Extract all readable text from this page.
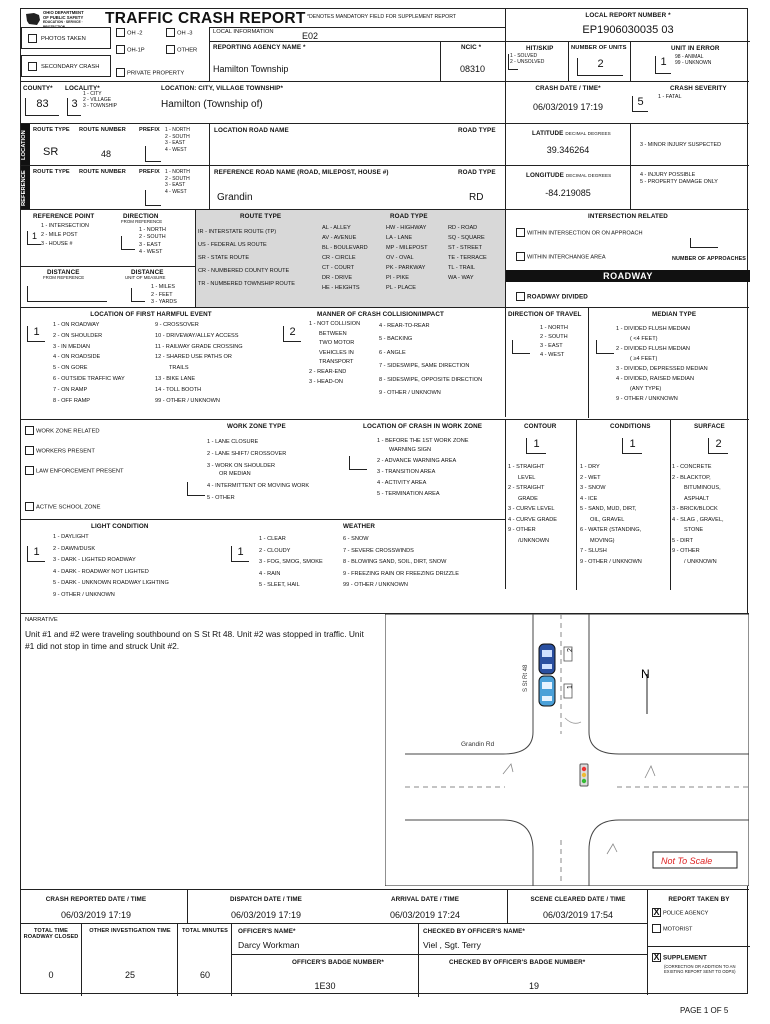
OHIO DEPARTMENT
OF PUBLIC SAFETY
EDUCATION · SERVICE · PROTECTION	TRAFFIC CRASH REPORT *DENOTES MANDATORY FIELD FOR SUPPLEMENT REPORT
PHOTOS TAKEN
OH -2	OH -3
OH-1P	OTHER
SECONDARY CRASH
PRIVATE PROPERTY
LOCAL INFORMATION	E02
REPORTING AGENCY NAME *
Hamilton Township
NCIC *
08310
LOCAL REPORT NUMBER *
EP1906030035 03
HIT/SKIP
1 - SOLVED
2 - UNSOLVED
NUMBER OF UNITS
2
UNIT IN ERROR
1	98 - ANIMAL
99 - UNKNOWN
COUNTY*
83
LOCALITY*
3
1 - CITY
2 - VILLAGE
3 - TOWNSHIP
LOCATION: CITY, VILLAGE TOWNSHIP*
Hamilton (Township of)
CRASH DATE / TIME*
06/03/2019 17:19
CRASH SEVERITY
5	1 - FATAL
LOCATION
ROUTE TYPE ROUTE NUMBER PREFIX 1 - NORTH
2 - SOUTH
3 - EAST
4 - WEST
SR	48
LOCATION ROAD NAME	ROAD TYPE	LATITUDE DECIMAL DEGREES
39.346264	3 - MINOR INJURY SUSPECTED
REFERENCE ROUTE TYPE ROUTE NUMBER PREFIX 1 - NORTH
2 - SOUTH
3 - EAST
4 - WEST
REFERENCE ROAD NAME (ROAD, MILEPOST, HOUSE #)
Grandin
ROAD TYPE
RD
LONGITUDE DECIMAL DEGREES
-84.219085
4 - INJURY POSSIBLE
5 - PROPERTY DAMAGE ONLY
REFERENCE POINT
1 - INTERSECTION
2 - MILE POST
3 - HOUSE #
1
DIRECTION
FROM REFERENCE
1 - NORTH
2 - SOUTH
3 - EAST
4 - WEST
DISTANCE
FROM REFERENCE
DISTANCE
UNIT OF MEASURE
1 - MILES
2 - FEET
3 - YARDS
ROUTE TYPE
IR - INTERSTATE ROUTE (TP)
US - FEDERAL US ROUTE
SR - STATE ROUTE
CR - NUMBERED COUNTY ROUTE
TR - NUMBERED TOWNSHIP ROUTE
ROAD TYPE
AL - ALLEY
AV - AVENUE
BL - BOULEVARD
CR - CIRCLE
CT - COURT
DR - DRIVE
HE - HEIGHTS
HW - HIGHWAY
LA - LANE
MP - MILEPOST
OV - OVAL
PK - PARKWAY
PI - PIKE
PL - PLACE
RD - ROAD
SQ - SQUARE
ST - STREET
TE - TERRACE
TL - TRAIL
WA - WAY
INTERSECTION RELATED
WITHIN INTERSECTION OR ON APPROACH
WITHIN INTERCHANGE AREA	NUMBER OF APPROACHES
ROADWAY
ROADWAY DIVIDED
LOCATION OF FIRST HARMFUL EVENT
1
1 - ON ROADWAY
2 - ON SHOULDER
3 - IN MEDIAN
4 - ON ROADSIDE
5 - ON GORE
6 - OUTSIDE TRAFFIC WAY
7 - ON RAMP
8 - OFF RAMP
9 - CROSSOVER
10 - DRIVEWAY/ALLEY ACCESS
11 - RAILWAY GRADE CROSSING
12 - SHARED USE PATHS OR
TRAILS
13 - BIKE LANE
14 - TOLL BOOTH
99 - OTHER / UNKNOWN
MANNER OF CRASH COLLISION/IMPACT
2
1 - NOT COLLISION
BETWEEN
TWO MOTOR
VEHICLES IN
TRANSPORT
2 - REAR-END
3 - HEAD-ON
4 - REAR-TO-REAR
5 - BACKING
6 - ANGLE
7 - SIDESWIPE, SAME DIRECTION
8 - SIDESWIPE, OPPOSITE DIRECTION
9 - OTHER / UNKNOWN
DIRECTION OF TRAVEL
1 - NORTH
2 - SOUTH
3 - EAST
4 - WEST
MEDIAN TYPE
1 - DIVIDED FLUSH MEDIAN
( <4 FEET)
2 - DIVIDED FLUSH MEDIAN
( ≥4 FEET)
3 - DIVIDED, DEPRESSED MEDIAN
4 - DIVIDED, RAISED MEDIAN
(ANY TYPE)
9 - OTHER / UNKNOWN
WORK ZONE RELATED
WORKERS PRESENT
LAW ENFORCEMENT PRESENT
ACTIVE SCHOOL ZONE
WORK ZONE TYPE
1 - LANE CLOSURE
2 - LANE SHIFT/ CROSSOVER
3 - WORK ON SHOULDER
OR MEDIAN
4 - INTERMITTENT OR MOVING WORK
5 - OTHER
LOCATION OF CRASH IN WORK ZONE
1 - BEFORE THE 1ST WORK ZONE
WARNING SIGN
2 - ADVANCE WARNING AREA
3 - TRANSITION AREA
4 - ACTIVITY AREA
5 - TERMINATION AREA
CONTOUR
1
1 - STRAIGHT
LEVEL
2 - STRAIGHT
GRADE
3 - CURVE LEVEL
4 - CURVE GRADE
9 - OTHER
/UNKNOWN
CONDITIONS
1
1 - DRY
2 - WET
3 - SNOW
4 - ICE
5 - SAND, MUD, DIRT,
OIL, GRAVEL
6 - WATER (STANDING,
MOVING)
7 - SLUSH
9 - OTHER / UNKNOWN
SURFACE
2
1 - CONCRETE
2 - BLACKTOP,
BITUMINOUS,
ASPHALT
3 - BRICK/BLOCK
4 - SLAG , GRAVEL,
STONE
5 - DIRT
9 - OTHER
/ UNKNOWN
LIGHT CONDITION
1
1 - DAYLIGHT
2 - DAWN/DUSK
3 - DARK - LIGHTED ROADWAY
4 - DARK - ROADWAY NOT LIGHTED
5 - DARK - UNKNOWN ROADWAY LIGHTING
9 - OTHER / UNKNOWN
WEATHER
1
1 - CLEAR
2 - CLOUDY
3 - FOG, SMOG, SMOKE
4 - RAIN
5 - SLEET, HAIL
6 - SNOW
7 - SEVERE CROSSWINDS
8 - BLOWING SAND, SOIL, DIRT, SNOW
9 - FREEZING RAIN OR FREEZING DRIZZLE
99 - OTHER / UNKNOWN
NARRATIVE
Unit #1 and #2 were traveling southbound on S St Rt 48. Unit #2 was stopped in traffic. Unit #1 did not stop in time and struck Unit #2.	2
1
S St Rt 48
Grandin Rd
N
Not To Scale
CRASH REPORTED DATE / TIME
06/03/2019 17:19
DISPATCH DATE / TIME
06/03/2019 17:19
ARRIVAL DATE / TIME
06/03/2019 17:24
SCENE CLEARED DATE / TIME
06/03/2019 17:54
REPORT TAKEN BY
X POLICE AGENCY
MOTORIST
X SUPPLEMENT
(CORRECTION OR ADDITION TO AN EXISTING REPORT SENT TO ODPS)
TOTAL TIME ROADWAY CLOSED
0
OTHER INVESTIGATION TIME
25
TOTAL MINUTES
60
OFFICER'S NAME*
Darcy Workman
CHECKED BY OFFICER'S NAME*
Viel , Sgt. Terry
OFFICER'S BADGE NUMBER*
1E30
CHECKED BY OFFICER'S BADGE NUMBER*
19
PAGE 1 OF 5
